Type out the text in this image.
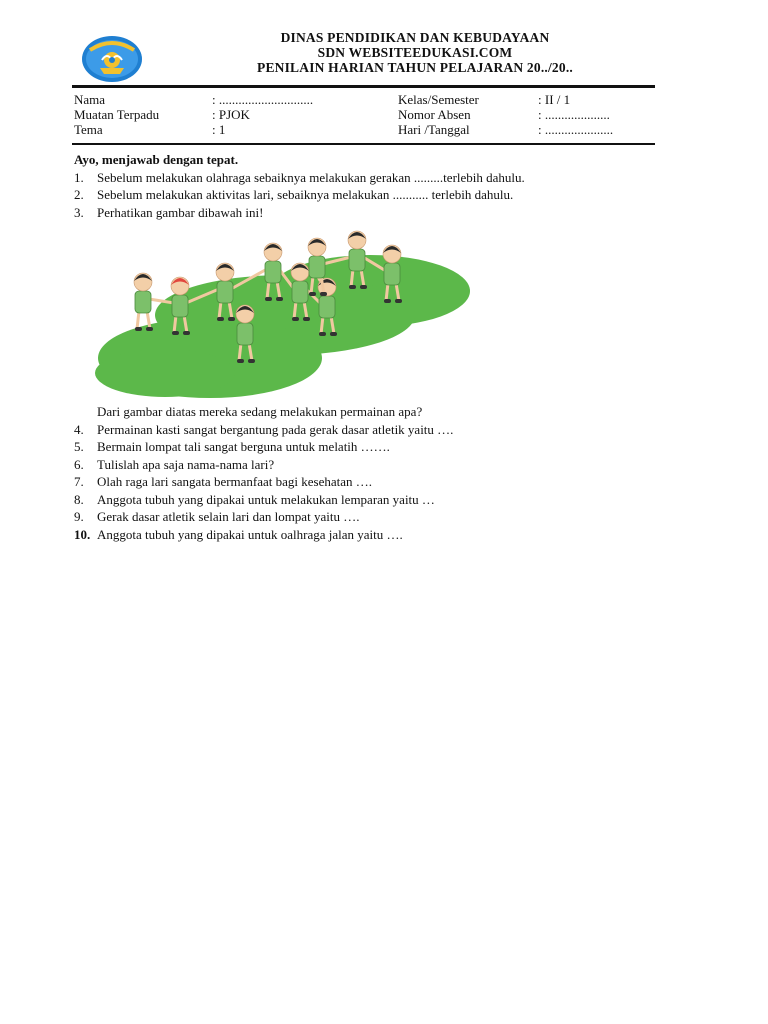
DINAS PENDIDIKAN DAN KEBUDAYAAN
SDN WEBSITEEDUKASI.COM
PENILAIN HARIAN TAHUN PELAJARAN 20../20..
Nama	: .............................
Muatan Terpadu	: PJOK
Tema	: 1
Kelas/Semester	: II / 1
Nomor Absen	: ....................
Hari /Tanggal	: .....................
Ayo, menjawab dengan tepat.
1. Sebelum melakukan olahraga sebaiknya melakukan gerakan .........terlebih dahulu.
2. Sebelum melakukan aktivitas lari, sebaiknya melakukan ........... terlebih dahulu.
3. Perhatikan gambar dibawah ini!
Dari gambar diatas mereka sedang melakukan permainan apa?
4. Permainan kasti sangat bergantung pada gerak dasar atletik yaitu ….
5. Bermain lompat tali sangat berguna untuk melatih …….
6. Tulislah apa saja nama-nama lari?
7. Olah raga lari sangata bermanfaat bagi kesehatan ….
8. Anggota tubuh yang dipakai untuk melakukan lemparan yaitu …
9. Gerak dasar atletik selain lari dan lompat yaitu ….
10. Anggota tubuh yang dipakai untuk oalhraga jalan yaitu ….
